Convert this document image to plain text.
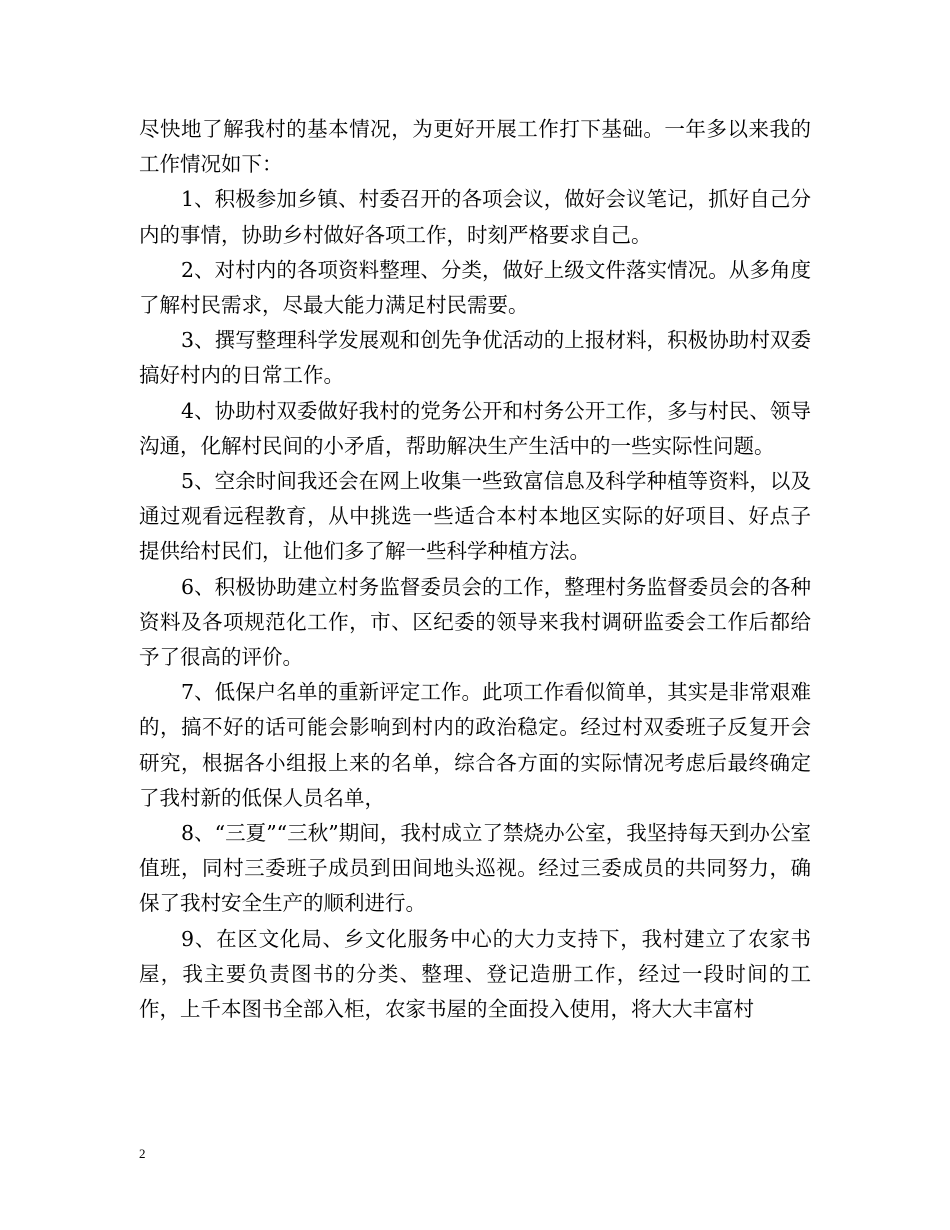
尽快地了解我村的基本情况，为更好开展工作打下基础。一年多以来我的工作情况如下：

1、积极参加乡镇、村委召开的各项会议，做好会议笔记，抓好自己分内的事情，协助乡村做好各项工作，时刻严格要求自己。

2、对村内的各项资料整理、分类，做好上级文件落实情况。从多角度了解村民需求，尽最大能力满足村民需要。

3、撰写整理科学发展观和创先争优活动的上报材料，积极协助村双委搞好村内的日常工作。

4、协助村双委做好我村的党务公开和村务公开工作，多与村民、领导沟通，化解村民间的小矛盾，帮助解决生产生活中的一些实际性问题。

5、空余时间我还会在网上收集一些致富信息及科学种植等资料，以及通过观看远程教育，从中挑选一些适合本村本地区实际的好项目、好点子提供给村民们，让他们多了解一些科学种植方法。

6、积极协助建立村务监督委员会的工作，整理村务监督委员会的各种资料及各项规范化工作，市、区纪委的领导来我村调研监委会工作后都给予了很高的评价。

7、低保户名单的重新评定工作。此项工作看似简单，其实是非常艰难的，搞不好的话可能会影响到村内的政治稳定。经过村双委班子反复开会研究，根据各小组报上来的名单，综合各方面的实际情况考虑后最终确定了我村新的低保人员名单，

8、“三夏”“三秋”期间，我村成立了禁烧办公室，我坚持每天到办公室值班，同村三委班子成员到田间地头巡视。经过三委成员的共同努力，确保了我村安全生产的顺利进行。

9、在区文化局、乡文化服务中心的大力支持下，我村建立了农家书屋，我主要负责图书的分类、整理、登记造册工作，经过一段时间的工作，上千本图书全部入柜，农家书屋的全面投入使用，将大大丰富村

2
